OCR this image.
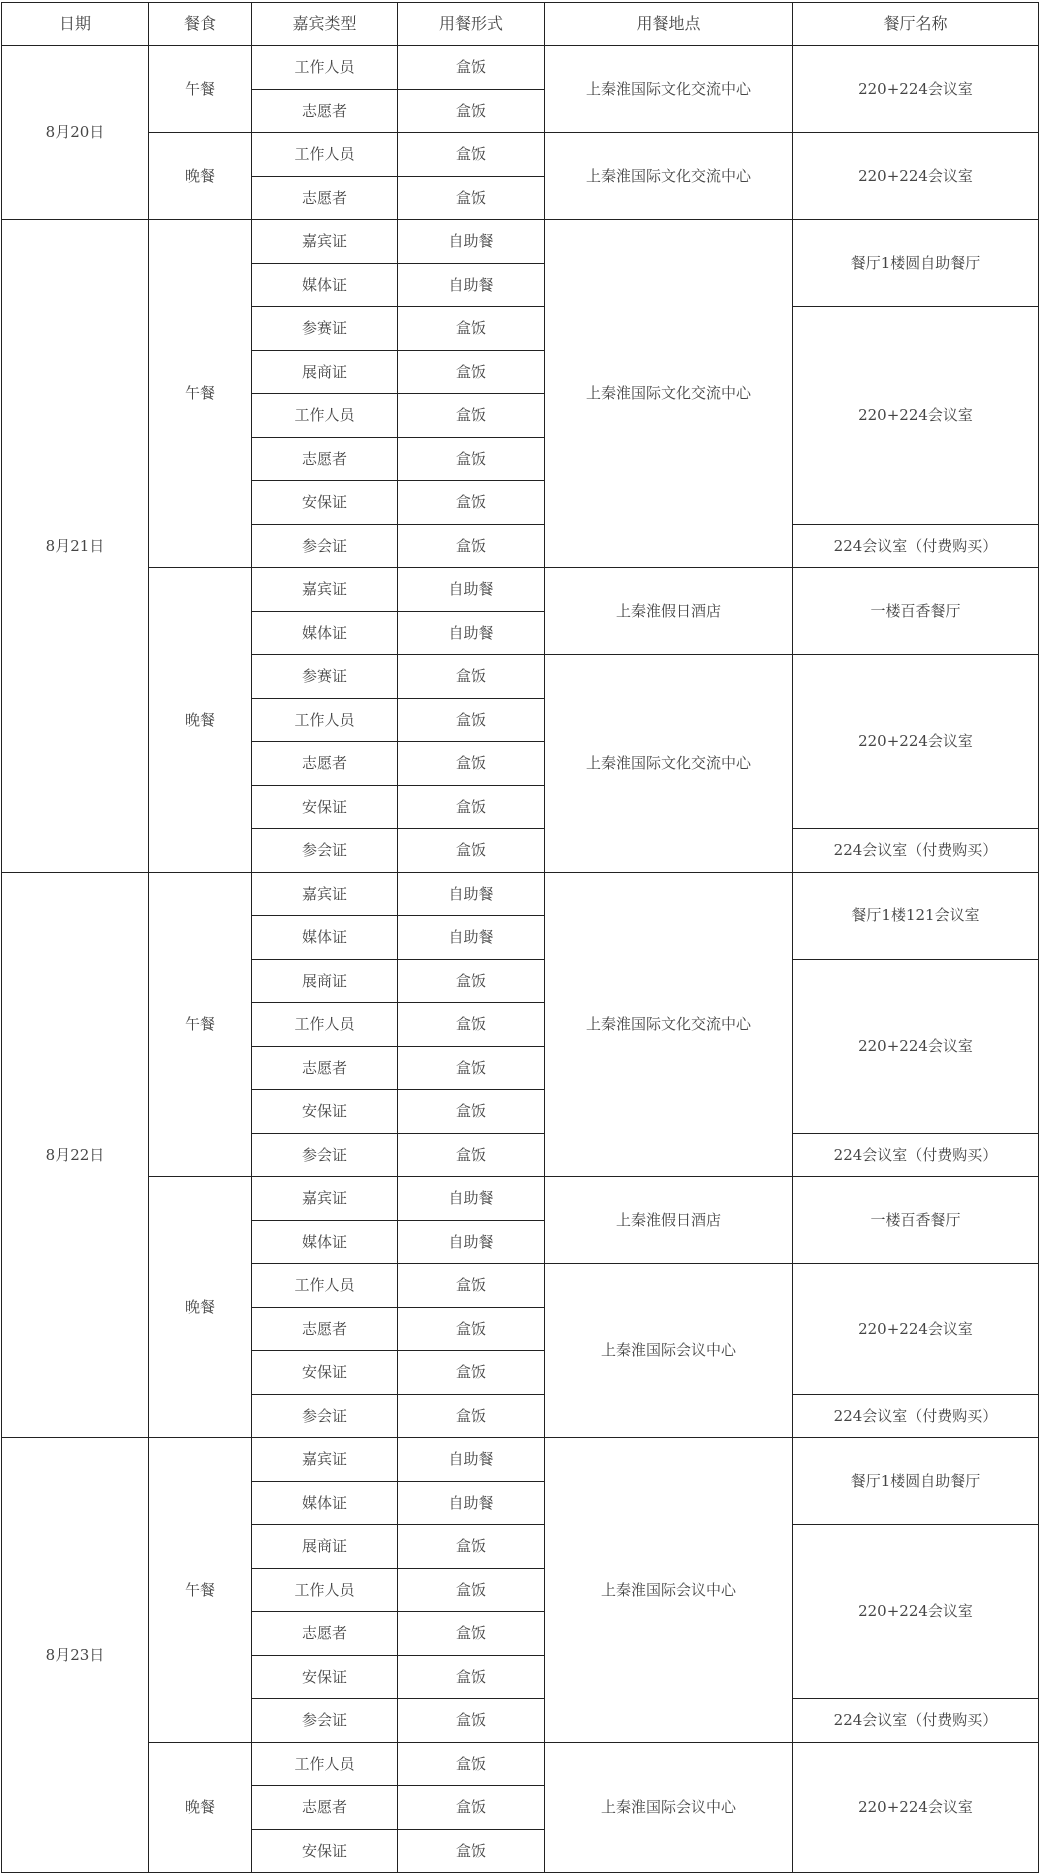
日期	餐食	嘉宾类型	用餐形式	用餐地点	餐厅名称
8月20日	午餐	工作人员	盒饭	上秦淮国际文化交流中心	220+224会议室
		志愿者	盒饭		
	晚餐	工作人员	盒饭	上秦淮国际文化交流中心	220+224会议室
		志愿者	盒饭		
8月21日	午餐	嘉宾证	自助餐	上秦淮国际文化交流中心	餐厅1楼圆自助餐厅
		媒体证	自助餐		
		参赛证	盒饭		220+224会议室
		展商证	盒饭		
		工作人员	盒饭		
		志愿者	盒饭		
		安保证	盒饭		
		参会证	盒饭		224会议室（付费购买）
	晚餐	嘉宾证	自助餐	上秦淮假日酒店	一楼百香餐厅
		媒体证	自助餐		
		参赛证	盒饭	上秦淮国际文化交流中心	220+224会议室
		工作人员	盒饭		
		志愿者	盒饭		
		安保证	盒饭		
		参会证	盒饭		224会议室（付费购买）
8月22日	午餐	嘉宾证	自助餐	上秦淮国际文化交流中心	餐厅1楼121会议室
		媒体证	自助餐		
		展商证	盒饭		220+224会议室
		工作人员	盒饭		
		志愿者	盒饭		
		安保证	盒饭		
		参会证	盒饭		224会议室（付费购买）
	晚餐	嘉宾证	自助餐	上秦淮假日酒店	一楼百香餐厅
		媒体证	自助餐		
		工作人员	盒饭	上秦淮国际会议中心	220+224会议室
		志愿者	盒饭		
		安保证	盒饭		
		参会证	盒饭		224会议室（付费购买）
8月23日	午餐	嘉宾证	自助餐	上秦淮国际会议中心	餐厅1楼圆自助餐厅
		媒体证	自助餐		
		展商证	盒饭		220+224会议室
		工作人员	盒饭		
		志愿者	盒饭		
		安保证	盒饭		
		参会证	盒饭		224会议室（付费购买）
	晚餐	工作人员	盒饭	上秦淮国际会议中心	220+224会议室
		志愿者	盒饭		
		安保证	盒饭		
